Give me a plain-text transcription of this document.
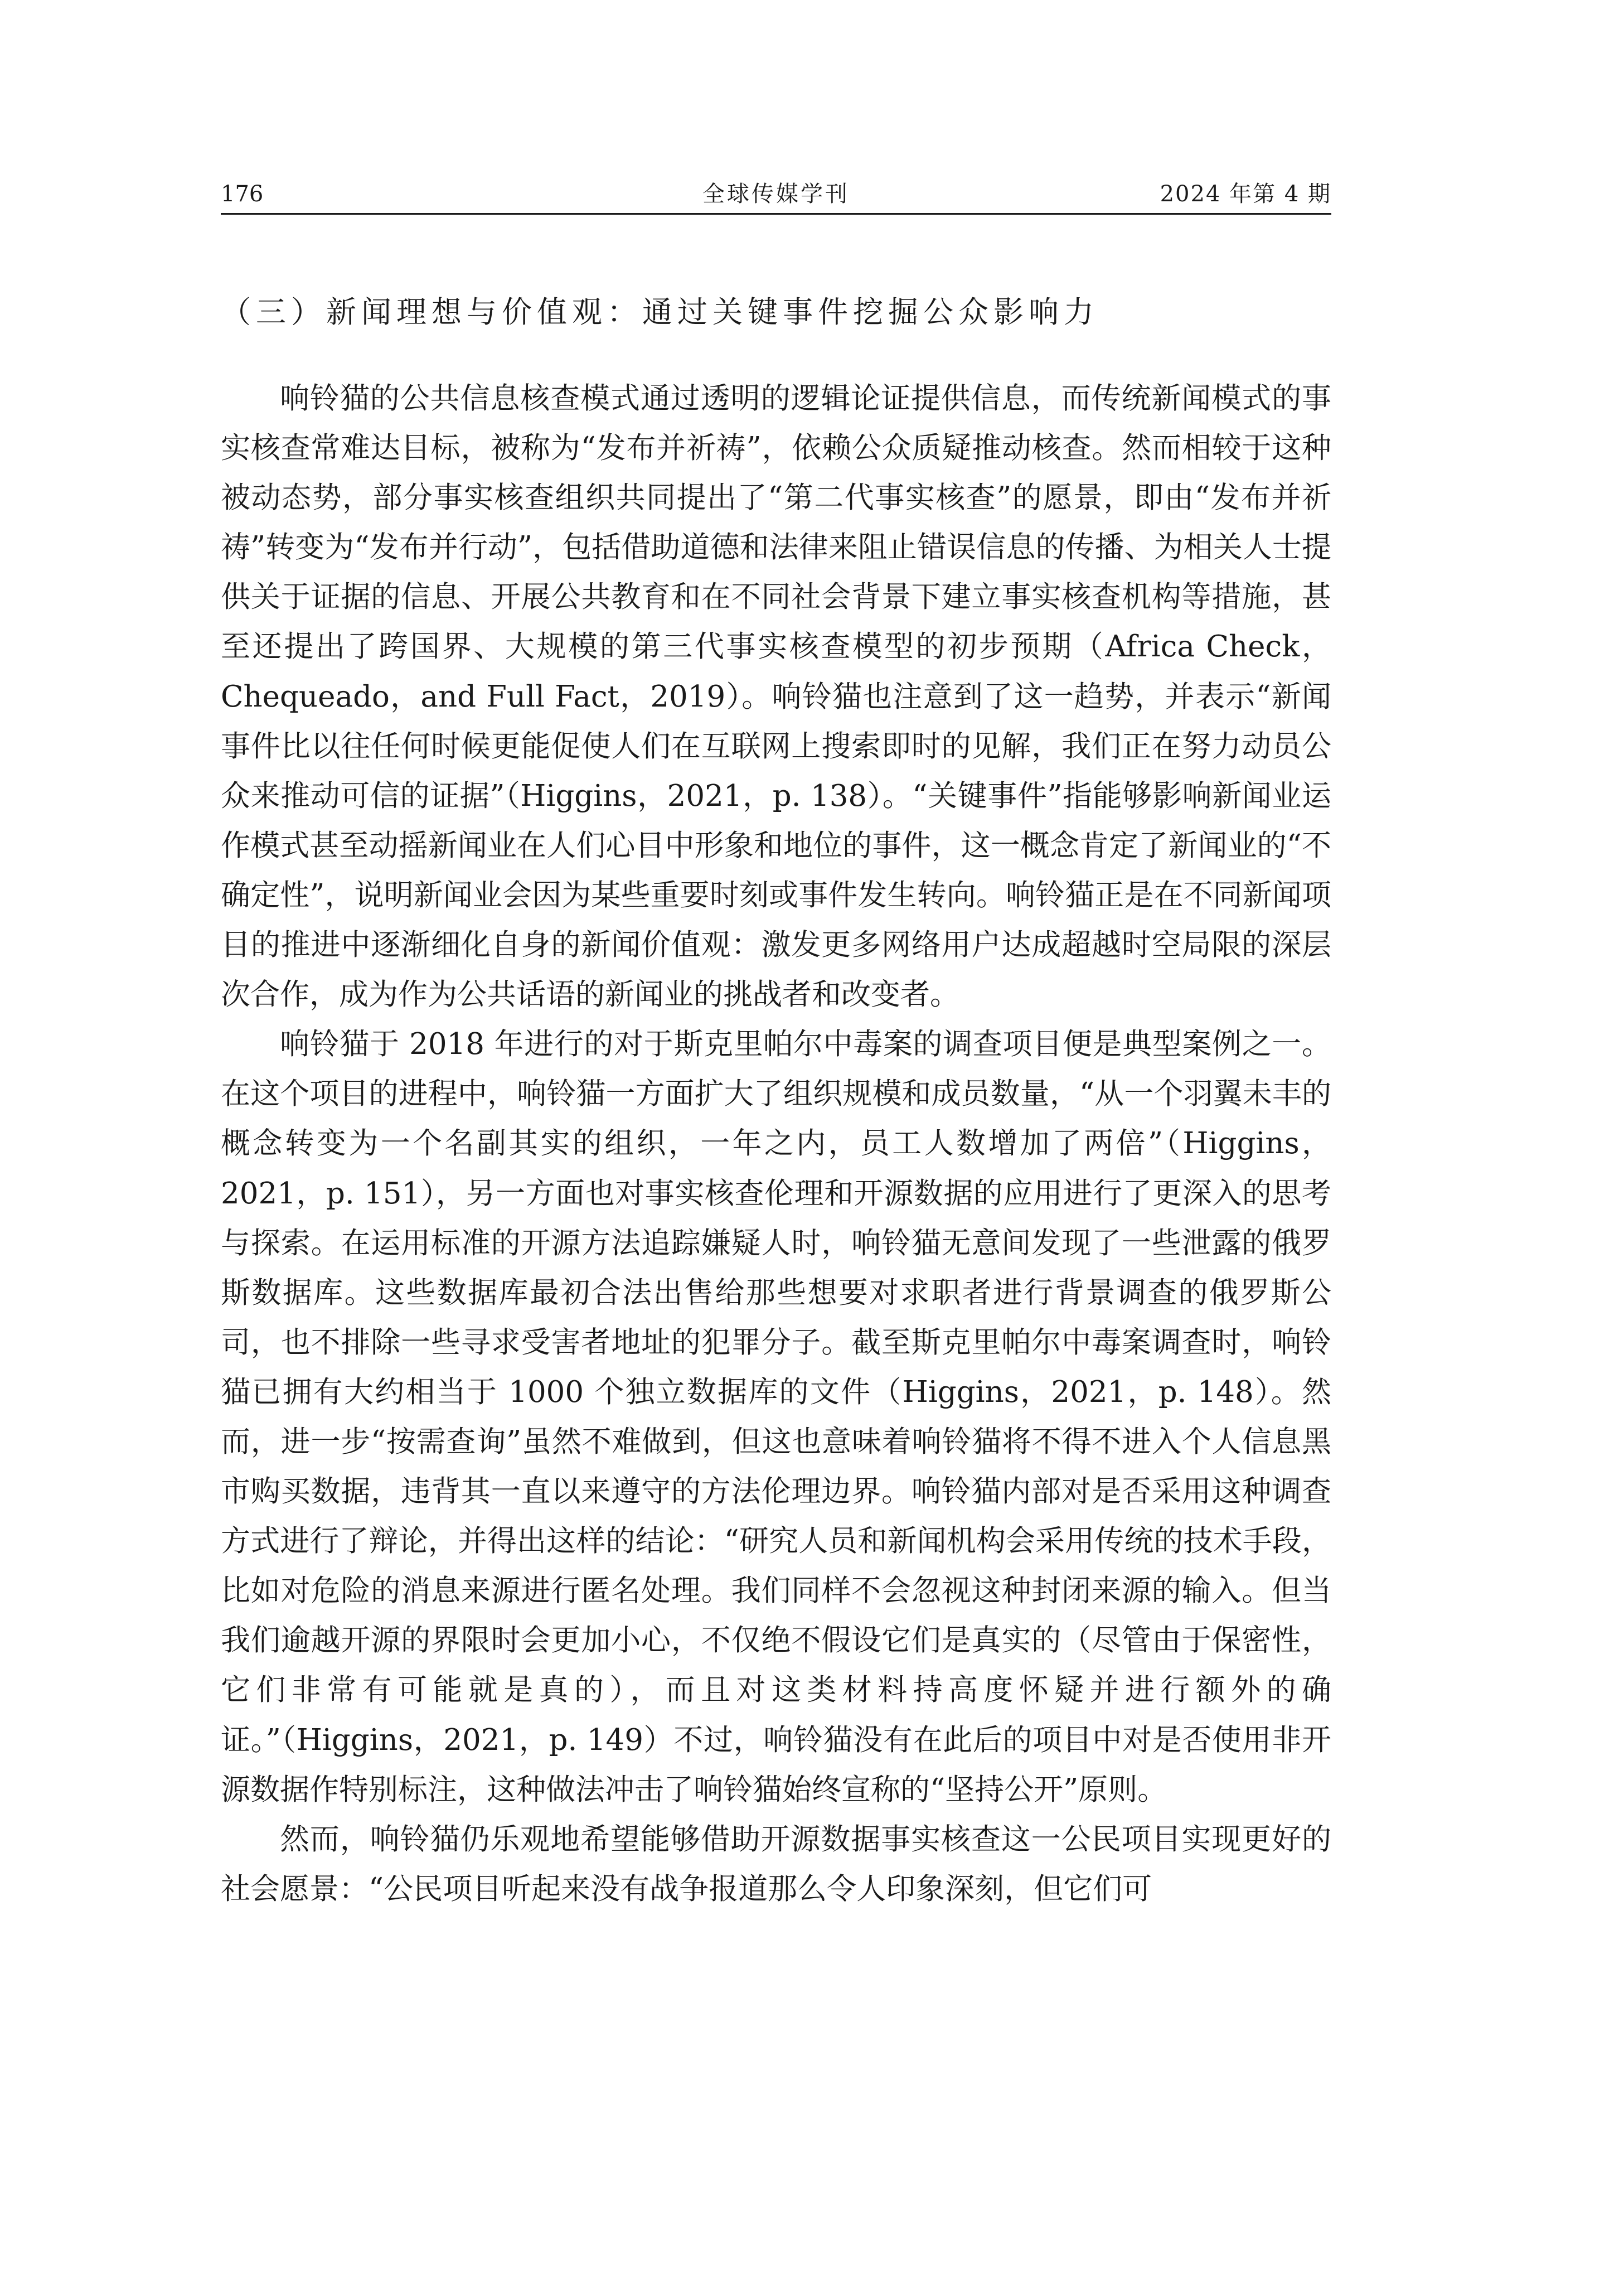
176	全球传媒学刊	2024 年第 4 期
（三）新闻理想与价值观：通过关键事件挖掘公众影响力

响铃猫的公共信息核查模式通过透明的逻辑论证提供信息，而传统新闻模式的事实核查常难达目标，被称为“发布并祈祷”，依赖公众质疑推动核查。然而相较于这种被动态势，部分事实核查组织共同提出了“第二代事实核查”的愿景，即由“发布并祈祷”转变为“发布并行动”，包括借助道德和法律来阻止错误信息的传播、为相关人士提供关于证据的信息、开展公共教育和在不同社会背景下建立事实核查机构等措施，甚至还提出了跨国界、大规模的第三代事实核查模型的初步预期（Africa Check，Chequeado，and Full Fact，2019）。响铃猫也注意到了这一趋势，并表示“新闻事件比以往任何时候更能促使人们在互联网上搜索即时的见解，我们正在努力动员公众来推动可信的证据”（Higgins，2021，p. 138）。“关键事件”指能够影响新闻业运作模式甚至动摇新闻业在人们心目中形象和地位的事件，这一概念肯定了新闻业的“不确定性”，说明新闻业会因为某些重要时刻或事件发生转向。响铃猫正是在不同新闻项目的推进中逐渐细化自身的新闻价值观：激发更多网络用户达成超越时空局限的深层次合作，成为作为公共话语的新闻业的挑战者和改变者。

响铃猫于 2018 年进行的对于斯克里帕尔中毒案的调查项目便是典型案例之一。在这个项目的进程中，响铃猫一方面扩大了组织规模和成员数量，“从一个羽翼未丰的概念转变为一个名副其实的组织，一年之内，员工人数增加了两倍”（Higgins，2021，p. 151），另一方面也对事实核查伦理和开源数据的应用进行了更深入的思考与探索。在运用标准的开源方法追踪嫌疑人时，响铃猫无意间发现了一些泄露的俄罗斯数据库。这些数据库最初合法出售给那些想要对求职者进行背景调查的俄罗斯公司，也不排除一些寻求受害者地址的犯罪分子。截至斯克里帕尔中毒案调查时，响铃猫已拥有大约相当于 1000 个独立数据库的文件（Higgins，2021，p. 148）。然而，进一步“按需查询”虽然不难做到，但这也意味着响铃猫将不得不进入个人信息黑市购买数据，违背其一直以来遵守的方法伦理边界。响铃猫内部对是否采用这种调查方式进行了辩论，并得出这样的结论：“研究人员和新闻机构会采用传统的技术手段，比如对危险的消息来源进行匿名处理。我们同样不会忽视这种封闭来源的输入。但当我们逾越开源的界限时会更加小心，不仅绝不假设它们是真实的（尽管由于保密性，它们非常有可能就是真的），而且对这类材料持高度怀疑并进行额外的确证。”（Higgins，2021，p. 149）不过，响铃猫没有在此后的项目中对是否使用非开源数据作特别标注，这种做法冲击了响铃猫始终宣称的“坚持公开”原则。

然而，响铃猫仍乐观地希望能够借助开源数据事实核查这一公民项目实现更好的社会愿景：“公民项目听起来没有战争报道那么令人印象深刻，但它们可
